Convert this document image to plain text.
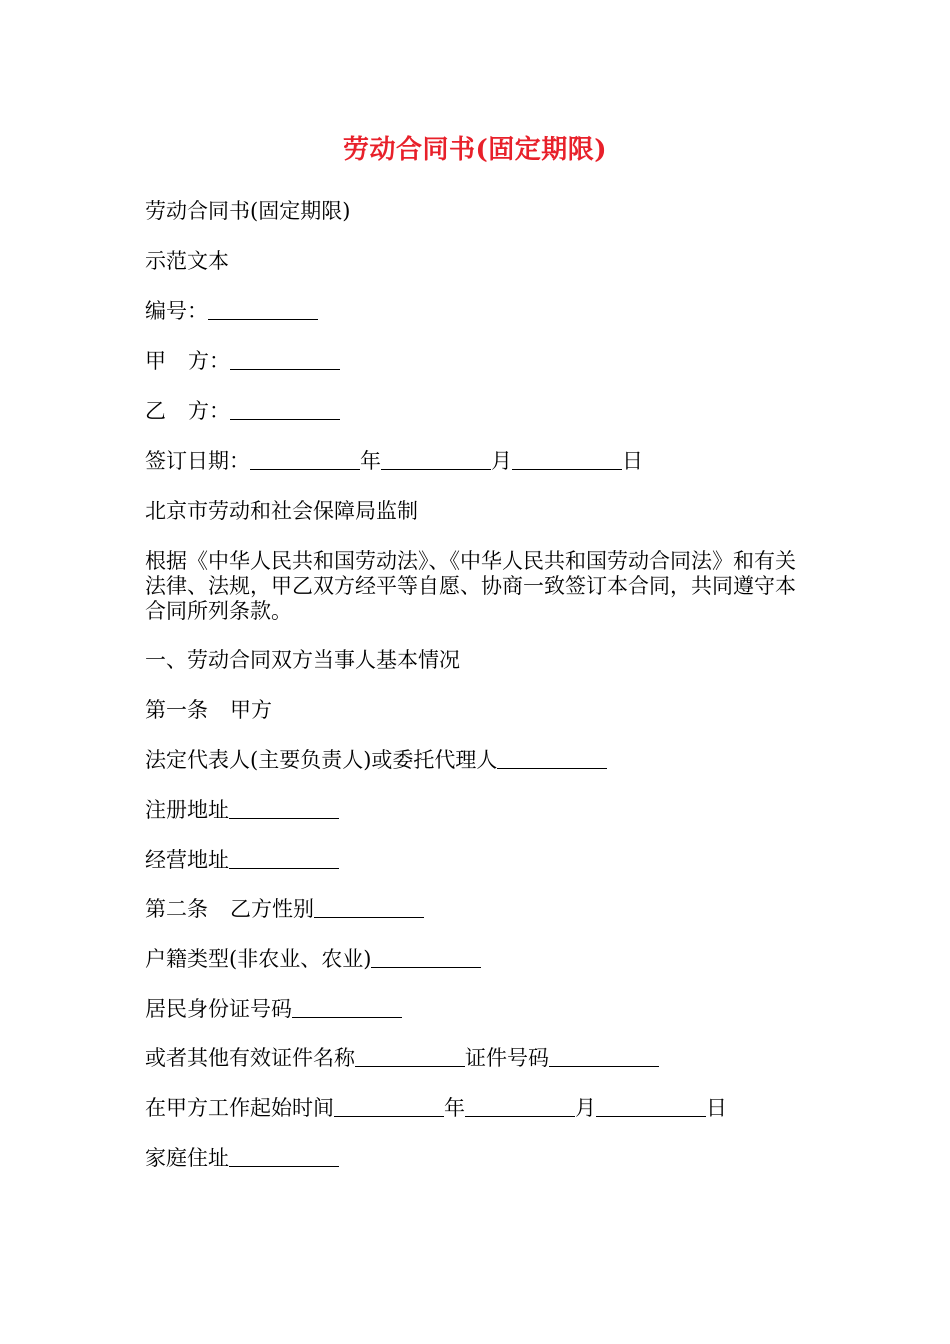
劳动合同书(固定期限)
劳动合同书(固定期限)
示范文本
编号：
甲 方：
乙 方：
签订日期：	年	月	日
北京市劳动和社会保障局监制
根据《中华人民共和国劳动法》、《中华人民共和国劳动合同法》和有关法律、法规，甲乙双方经平等自愿、协商一致签订本合同，共同遵守本合同所列条款。
一、劳动合同双方当事人基本情况
第一条 甲方
法定代表人(主要负责人)或委托代理人
注册地址
经营地址
第二条 乙方性别
户籍类型(非农业、农业)
居民身份证号码
或者其他有效证件名称	证件号码
在甲方工作起始时间	年	月	日
家庭住址
